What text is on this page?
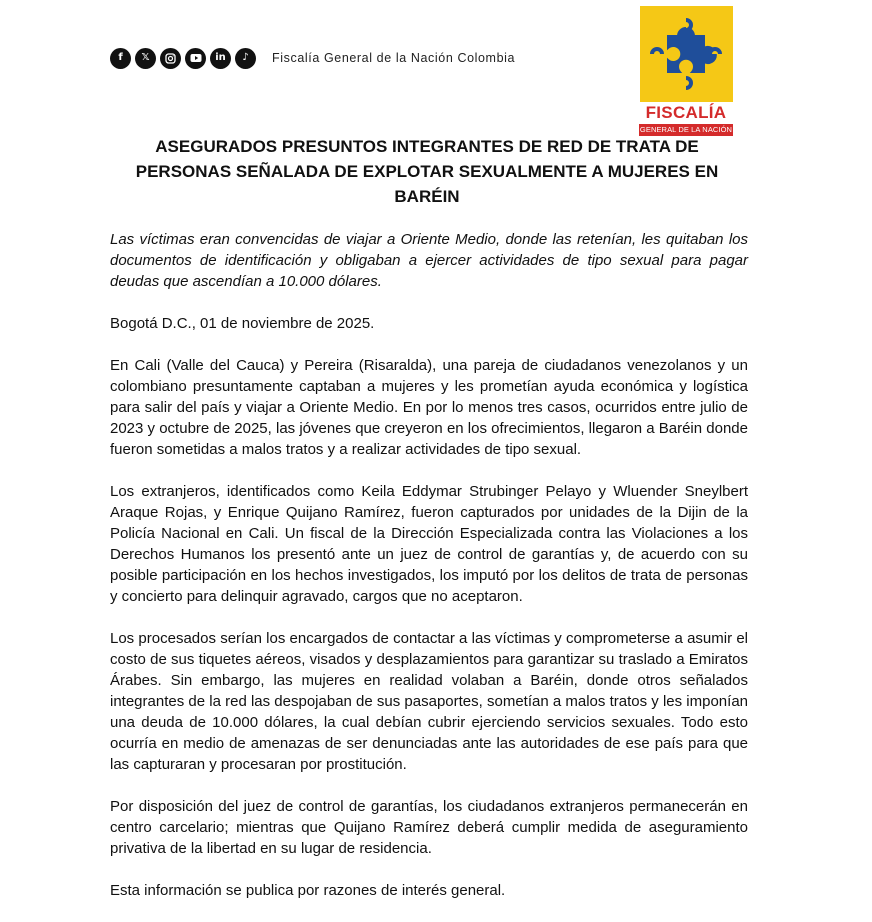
f	𝕏	in	♪	Fiscalía General de la Nación Colombia
FISCALÍA
GENERAL DE LA NACIÓN
ASEGURADOS PRESUNTOS INTEGRANTES DE RED DE TRATA DE PERSONAS SEÑALADA DE EXPLOTAR SEXUALMENTE A MUJERES EN BARÉIN

Las víctimas eran convencidas de viajar a Oriente Medio, donde las retenían, les quitaban los documentos de identificación y obligaban a ejercer actividades de tipo sexual para pagar deudas que ascendían a 10.000 dólares.

Bogotá D.C., 01 de noviembre de 2025.

En Cali (Valle del Cauca) y Pereira (Risaralda), una pareja de ciudadanos venezolanos y un colombiano presuntamente captaban a mujeres y les prometían ayuda económica y logística para salir del país y viajar a Oriente Medio. En por lo menos tres casos, ocurridos entre julio de 2023 y octubre de 2025, las jóvenes que creyeron en los ofrecimientos, llegaron a Baréin donde fueron sometidas a malos tratos y a realizar actividades de tipo sexual.

Los extranjeros, identificados como Keila Eddymar Strubinger Pelayo y Wluender Sneylbert Araque Rojas, y Enrique Quijano Ramírez, fueron capturados por unidades de la Dijin de la Policía Nacional en Cali. Un fiscal de la Dirección Especializada contra las Violaciones a los Derechos Humanos los presentó ante un juez de control de garantías y, de acuerdo con su posible participación en los hechos investigados, los imputó por los delitos de trata de personas y concierto para delinquir agravado, cargos que no aceptaron.

Los procesados serían los encargados de contactar a las víctimas y comprometerse a asumir el costo de sus tiquetes aéreos, visados y desplazamientos para garantizar su traslado a Emiratos Árabes. Sin embargo, las mujeres en realidad volaban a Baréin, donde otros señalados integrantes de la red las despojaban de sus pasaportes, sometían a malos tratos y les imponían una deuda de 10.000 dólares, la cual debían cubrir ejerciendo servicios sexuales. Todo esto ocurría en medio de amenazas de ser denunciadas ante las autoridades de ese país para que las capturaran y procesaran por prostitución.

Por disposición del juez de control de garantías, los ciudadanos extranjeros permanecerán en centro carcelario; mientras que Quijano Ramírez deberá cumplir medida de aseguramiento privativa de la libertad en su lugar de residencia.

Esta información se publica por razones de interés general.
